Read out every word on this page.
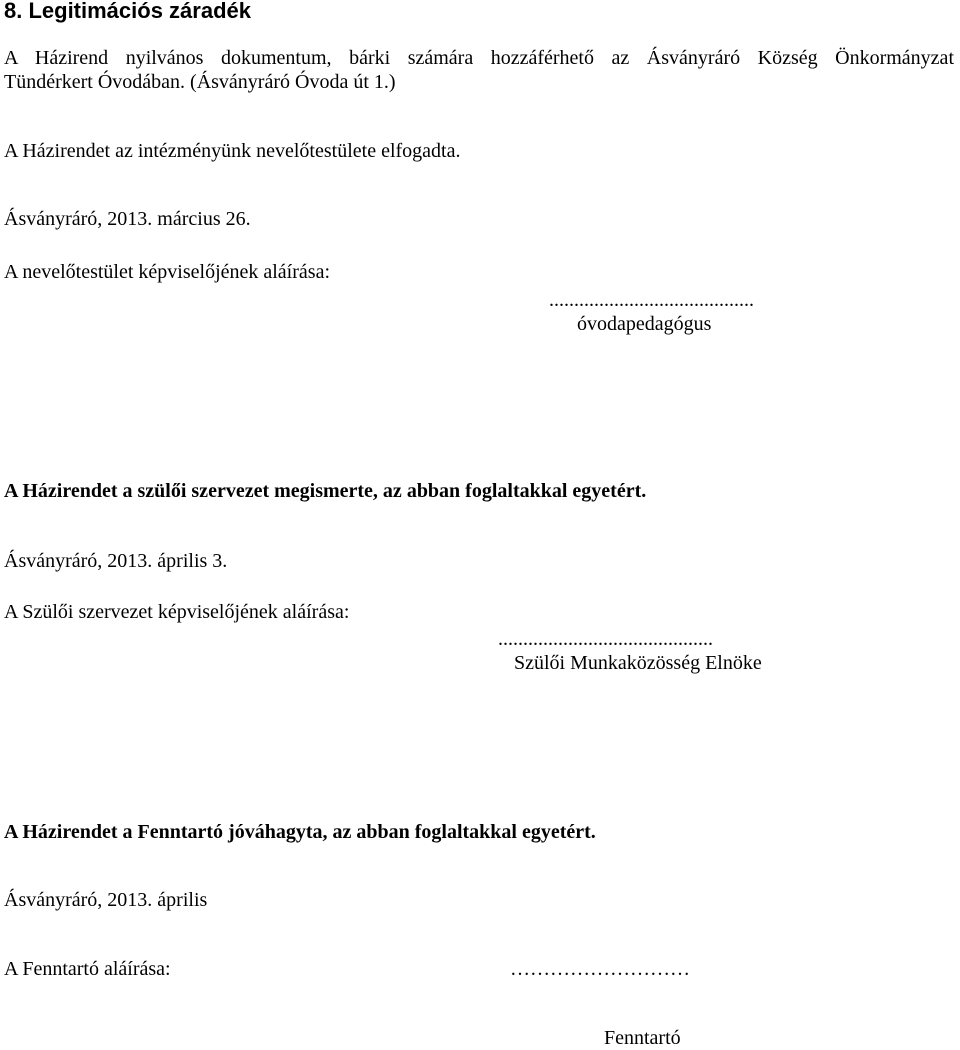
8. Legitimációs záradék
A Házirend nyilvános dokumentum, bárki számára hozzáférhető az Ásványráró Község Önkormányzat
Tündérkert Óvodában. (Ásványráró Óvoda út 1.)
A Házirendet az intézményünk nevelőtestülete elfogadta.
Ásványráró, 2013. március 26.
A nevelőtestület képviselőjének aláírása:
.........................................
óvodapedagógus
A Házirendet a szülői szervezet megismerte, az abban foglaltakkal egyetért.
Ásványráró, 2013. április 3.
A Szülői szervezet képviselőjének aláírása:
...........................................
Szülői Munkaközösség Elnöke
A Házirendet a Fenntartó jóváhagyta, az abban foglaltakkal egyetért.
Ásványráró, 2013. április
A Fenntartó aláírása:	………………………
Fenntartó
